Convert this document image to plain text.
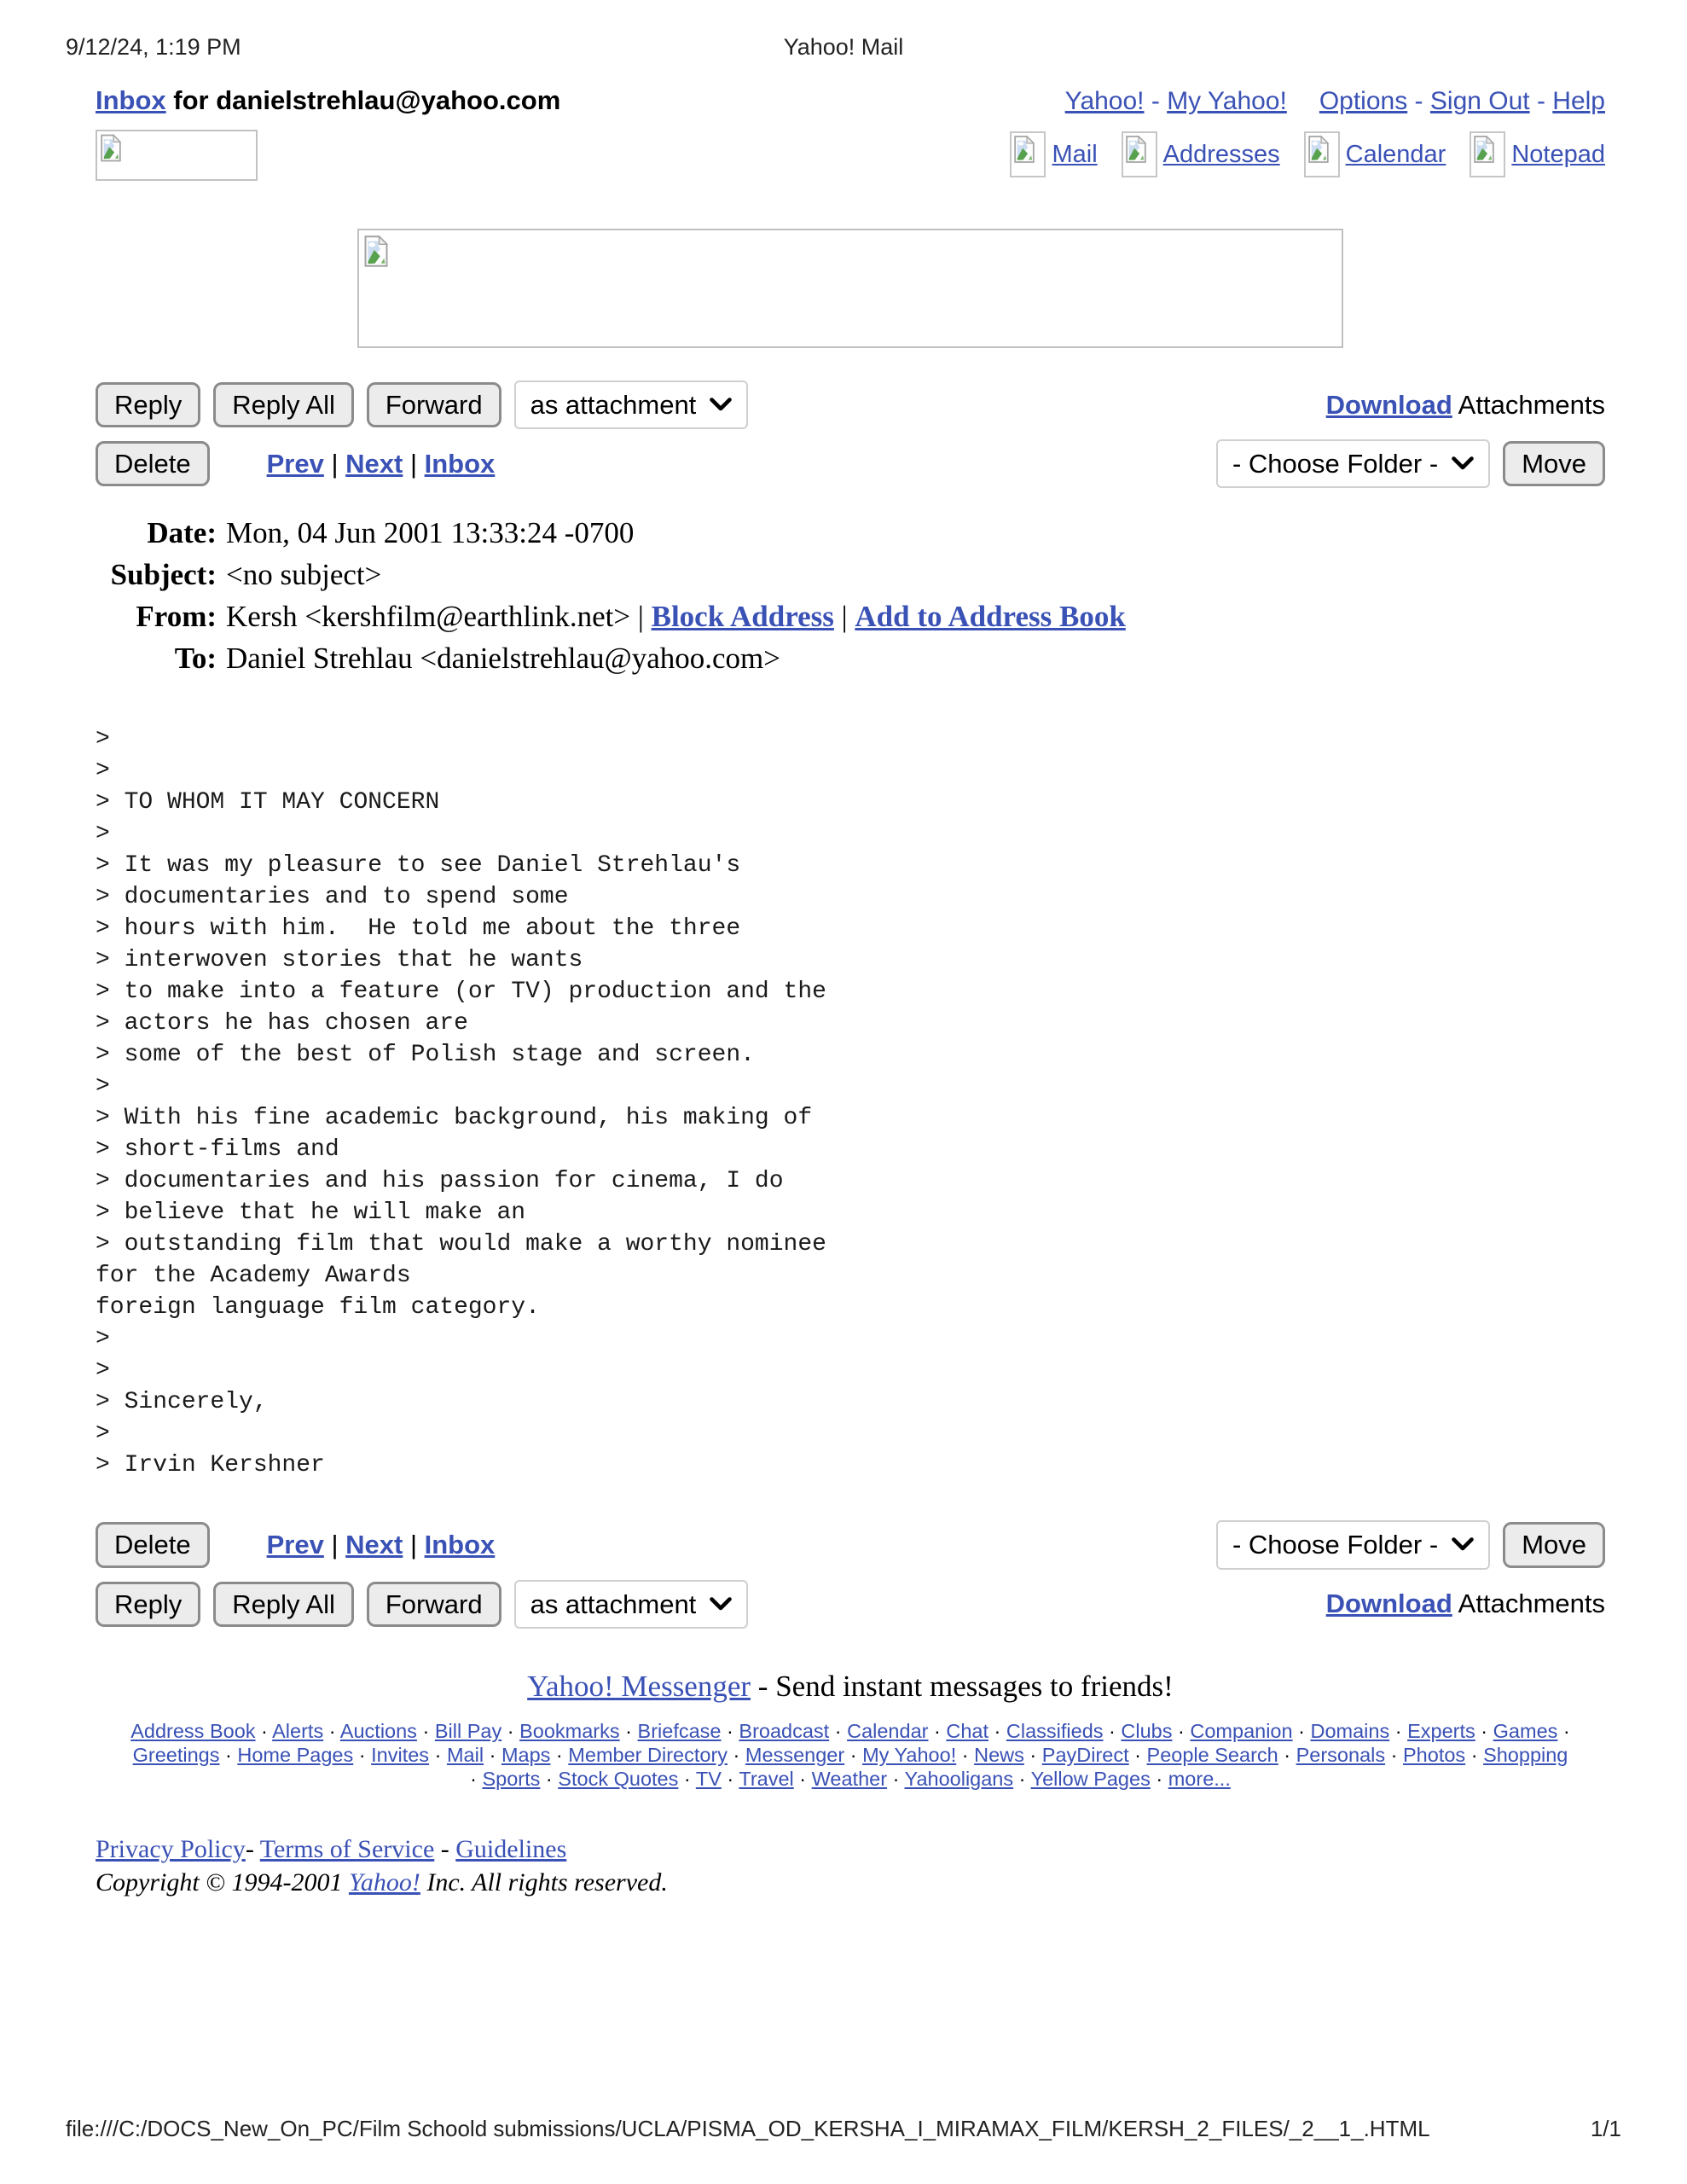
9/12/24, 1:19 PM	Yahoo! Mail
Inbox for danielstrehlau@yahoo.com	Yahoo! - My Yahoo! Options - Sign Out - Help
Mail	Addresses	Calendar	Notepad
Reply	Reply All	Forward	as attachment	Download Attachments
Delete	Prev | Next | Inbox	- Choose Folder -	Move
Date: Mon, 04 Jun 2001 13:33:24 -0700
Subject: <no subject>
From: Kersh <kershfilm@earthlink.net> | Block Address | Add to Address Book
To: Daniel Strehlau <danielstrehlau@yahoo.com>
>
>
> TO WHOM IT MAY CONCERN
>
> It was my pleasure to see Daniel Strehlau's
> documentaries and to spend some
> hours with him.  He told me about the three
> interwoven stories that he wants
> to make into a feature (or TV) production and the
> actors he has chosen are
> some of the best of Polish stage and screen.
>
> With his fine academic background, his making of
> short-films and
> documentaries and his passion for cinema, I do
> believe that he will make an
> outstanding film that would make a worthy nominee
for the Academy Awards
foreign language film category.
>
>
> Sincerely,
>
> Irvin Kershner
Delete	Prev | Next | Inbox	- Choose Folder -	Move
Reply	Reply All	Forward	as attachment	Download Attachments
Yahoo! Messenger - Send instant messages to friends!
Address Book · Alerts · Auctions · Bill Pay · Bookmarks · Briefcase · Broadcast · Calendar · Chat · Classifieds · Clubs · Companion · Domains · Experts · Games ·
Greetings · Home Pages · Invites · Mail · Maps · Member Directory · Messenger · My Yahoo! · News · PayDirect · People Search · Personals · Photos · Shopping
· Sports · Stock Quotes · TV · Travel · Weather · Yahooligans · Yellow Pages · more...
Privacy Policy- Terms of Service - Guidelines
Copyright © 1994-2001 Yahoo! Inc. All rights reserved.
file:///C:/DOCS_New_On_PC/Film Schoold submissions/UCLA/PISMA_OD_KERSHA_I_MIRAMAX_FILM/KERSH_2_FILES/_2__1_.HTML	1/1
